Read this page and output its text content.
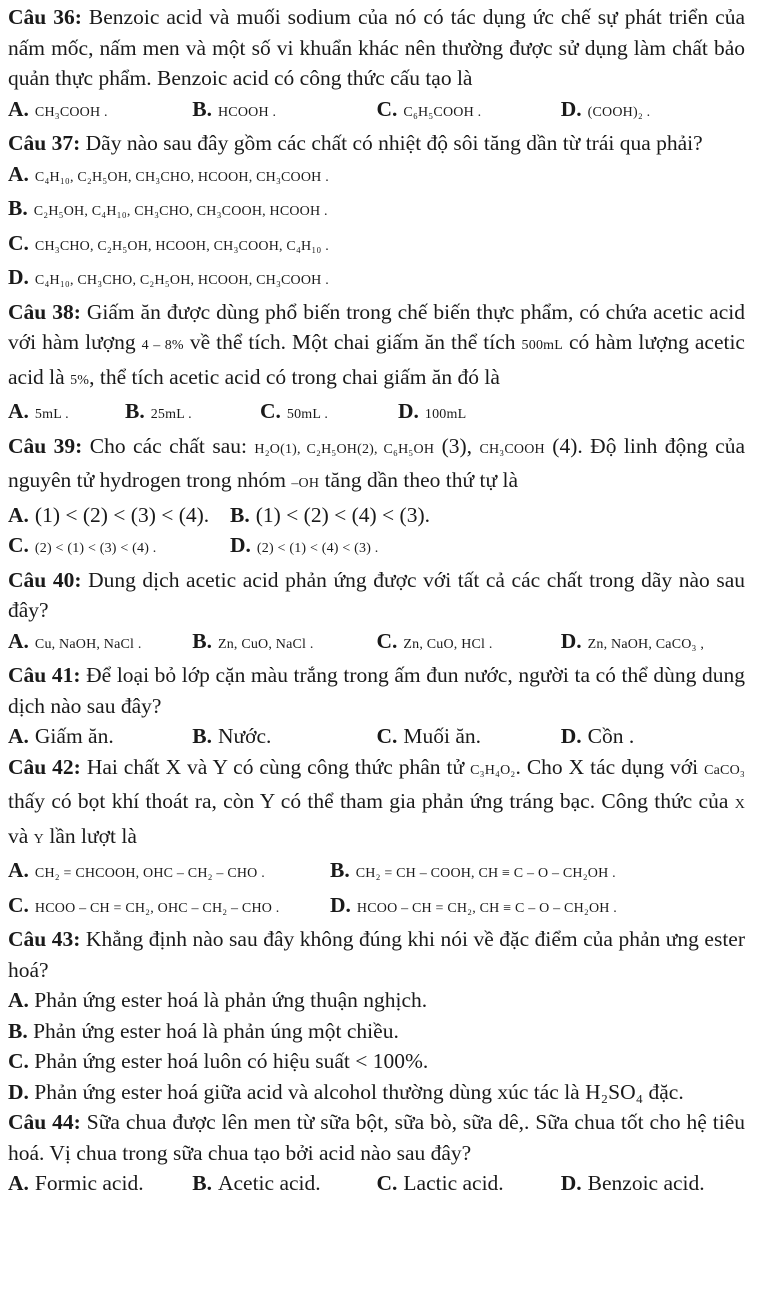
Câu 36: Benzoic acid và muối sodium của nó có tác dụng ức chế sự phát triển của nấm mốc, nấm men và một số vi khuẩn khác nên thường được sử dụng làm chất bảo quản thực phẩm. Benzoic acid có công thức cấu tạo là

A. CH₃COOH .	B. HCOOH .	C. C₆H₅COOH .	D. (COOH)₂ .

Câu 37: Dãy nào sau đây gồm các chất có nhiệt độ sôi tăng dần từ trái qua phải?

A. C₄H₁₀, C₂H₅OH, CH₃CHO, HCOOH, CH₃COOH .
B. C₂H₅OH, C₄H₁₀, CH₃CHO, CH₃COOH, HCOOH .
C. CH₃CHO, C₂H₅OH, HCOOH, CH₃COOH, C₄H₁₀ .
D. C₄H₁₀, CH₃CHO, C₂H₅OH, HCOOH, CH₃COOH .

Câu 38: Giấm ăn được dùng phổ biến trong chế biến thực phẩm, có chứa acetic acid với hàm lượng 4 – 8% về thể tích. Một chai giấm ăn thể tích 500mL có hàm lượng acetic acid là 5%, thể tích acetic acid có trong chai giấm ăn đó là

A. 5mL .	B. 25mL .	C. 50mL .	D. 100mL

Câu 39: Cho các chất sau: H₂O(1), C₂H₅OH(2), C₆H₅OH (3), CH₃COOH (4). Độ linh động của nguyên tử hydrogen trong nhóm –OH tăng dần theo thứ tự là

A. (1) < (2) < (3) < (4). B. (1) < (2) < (4) < (3).
C. (2) < (1) < (3) < (4) .	D. (2) < (1) < (4) < (3) .

Câu 40: Dung dịch acetic acid phản ứng được với tất cả các chất trong dãy nào sau đây?

A. Cu, NaOH, NaCl .	B. Zn, CuO, NaCl .	C. Zn, CuO, HCl .	D. Zn, NaOH, CaCO₃ ,

Câu 41: Để loại bỏ lớp cặn màu trắng trong ấm đun nước, người ta có thể dùng dung dịch nào sau đây?

A. Giấm ăn.	B. Nước.	C. Muối ăn.	D. Cồn .

Câu 42: Hai chất X và Y có cùng công thức phân tử C₃H₄O₂. Cho X tác dụng với CaCO₃ thấy có bọt khí thoát ra, còn Y có thể tham gia phản ứng tráng bạc. Công thức của X và Y lần lượt là

A. CH₂ = CHCOOH, OHC – CH₂ – CHO .	B. CH₂ = CH – COOH, CH ≡ C – O – CH₂OH .
C. HCOO – CH = CH₂, OHC – CH₂ – CHO .	D. HCOO – CH = CH₂, CH ≡ C – O – CH₂OH .

Câu 43: Khẳng định nào sau đây không đúng khi nói về đặc điểm của phản ưng ester hoá?

A. Phản ứng ester hoá là phản ứng thuận nghịch.

B. Phản ứng ester hoá là phản úng một chiều.

C. Phản ứng ester hoá luôn có hiệu suất < 100%.

D. Phản ứng ester hoá giữa acid và alcohol thường dùng xúc tác là H₂SO₄ đặc.

Câu 44: Sữa chua được lên men từ sữa bột, sữa bò, sữa dê,. Sữa chua tốt cho hệ tiêu hoá. Vị chua trong sữa chua tạo bởi acid nào sau đây?

A. Formic acid.	B. Acetic acid.	C. Lactic acid.	D. Benzoic acid.
